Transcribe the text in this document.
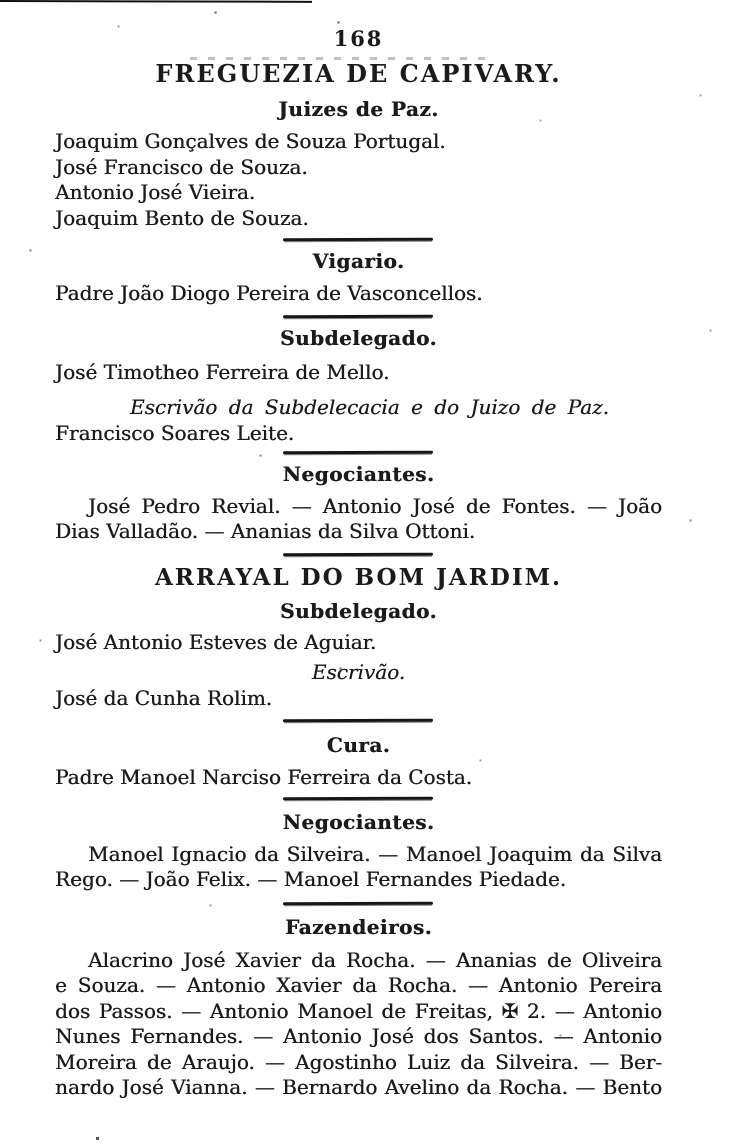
168
FREGUEZIA DE CAPIVARY.
Juizes de Paz.
Joaquim Gonçalves de Souza Portugal.
José Francisco de Souza.
Antonio José Vieira.
Joaquim Bento de Souza.
Vigario.
Padre João Diogo Pereira de Vasconcellos.
Subdelegado.
José Timotheo Ferreira de Mello.
Escrivão da Subdelecacia e do Juizo de Paz.
Francisco Soares Leite.
Negociantes.
José Pedro Revial. — Antonio José de Fontes. — João
Dias Valladão. — Ananias da Silva Ottoni.
ARRAYAL DO BOM JARDIM.
Subdelegado.
José Antonio Esteves de Aguiar.
Escrivão.
José da Cunha Rolim.
Cura.
Padre Manoel Narciso Ferreira da Costa.
Negociantes.
Manoel Ignacio da Silveira. — Manoel Joaquim da Silva
Rego. — João Felix. — Manoel Fernandes Piedade.
Fazendeiros.
Alacrino José Xavier da Rocha. — Ananias de Oliveira
e Souza. — Antonio Xavier da Rocha. — Antonio Pereira
dos Passos. — Antonio Manoel de Freitas, ✠ 2. — Antonio
Nunes Fernandes. — Antonio José dos Santos. — Antonio
Moreira de Araujo. — Agostinho Luiz da Silveira. — Ber-
nardo José Vianna. — Bernardo Avelino da Rocha. — Bento
